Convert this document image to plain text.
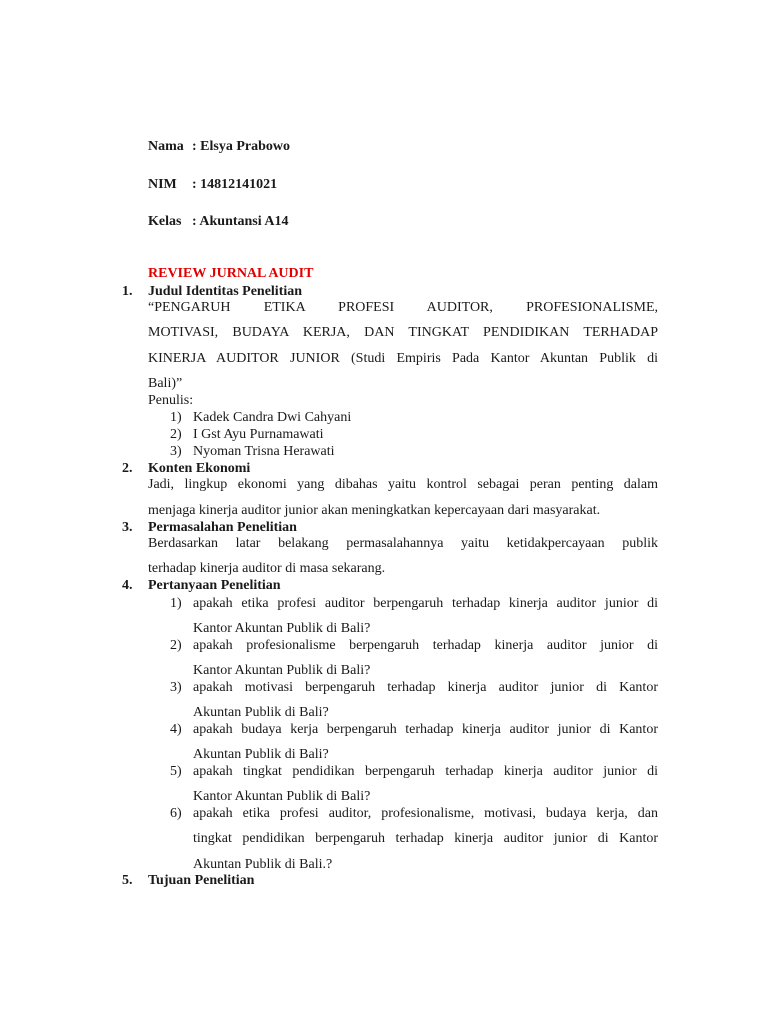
Nama : Elsya Prabowo
NIM : 14812141021
Kelas : Akuntansi A14
REVIEW JURNAL AUDIT
1. Judul Identitas Penelitian
“PENGARUH ETIKA PROFESI AUDITOR, PROFESIONALISME,
MOTIVASI, BUDAYA KERJA, DAN TINGKAT PENDIDIKAN TERHADAP
KINERJA AUDITOR JUNIOR (Studi Empiris Pada Kantor Akuntan Publik di
Bali)”
Penulis:
1) Kadek Candra Dwi Cahyani
2) I Gst Ayu Purnamawati
3) Nyoman Trisna Herawati
2. Konten Ekonomi
Jadi, lingkup ekonomi yang dibahas yaitu kontrol sebagai peran penting dalam
menjaga kinerja auditor junior akan meningkatkan kepercayaan dari masyarakat.
3. Permasalahan Penelitian
Berdasarkan latar belakang permasalahannya yaitu ketidakpercayaan publik
terhadap kinerja auditor di masa sekarang.
4. Pertanyaan Penelitian
1) apakah etika profesi auditor berpengaruh terhadap kinerja auditor junior di
Kantor Akuntan Publik di Bali?
2) apakah profesionalisme berpengaruh terhadap kinerja auditor junior di
Kantor Akuntan Publik di Bali?
3) apakah motivasi berpengaruh terhadap kinerja auditor junior di Kantor
Akuntan Publik di Bali?
4) apakah budaya kerja berpengaruh terhadap kinerja auditor junior di Kantor
Akuntan Publik di Bali?
5) apakah tingkat pendidikan berpengaruh terhadap kinerja auditor junior di
Kantor Akuntan Publik di Bali?
6) apakah etika profesi auditor, profesionalisme, motivasi, budaya kerja, dan
tingkat pendidikan berpengaruh terhadap kinerja auditor junior di Kantor
Akuntan Publik di Bali.?
5. Tujuan Penelitian
